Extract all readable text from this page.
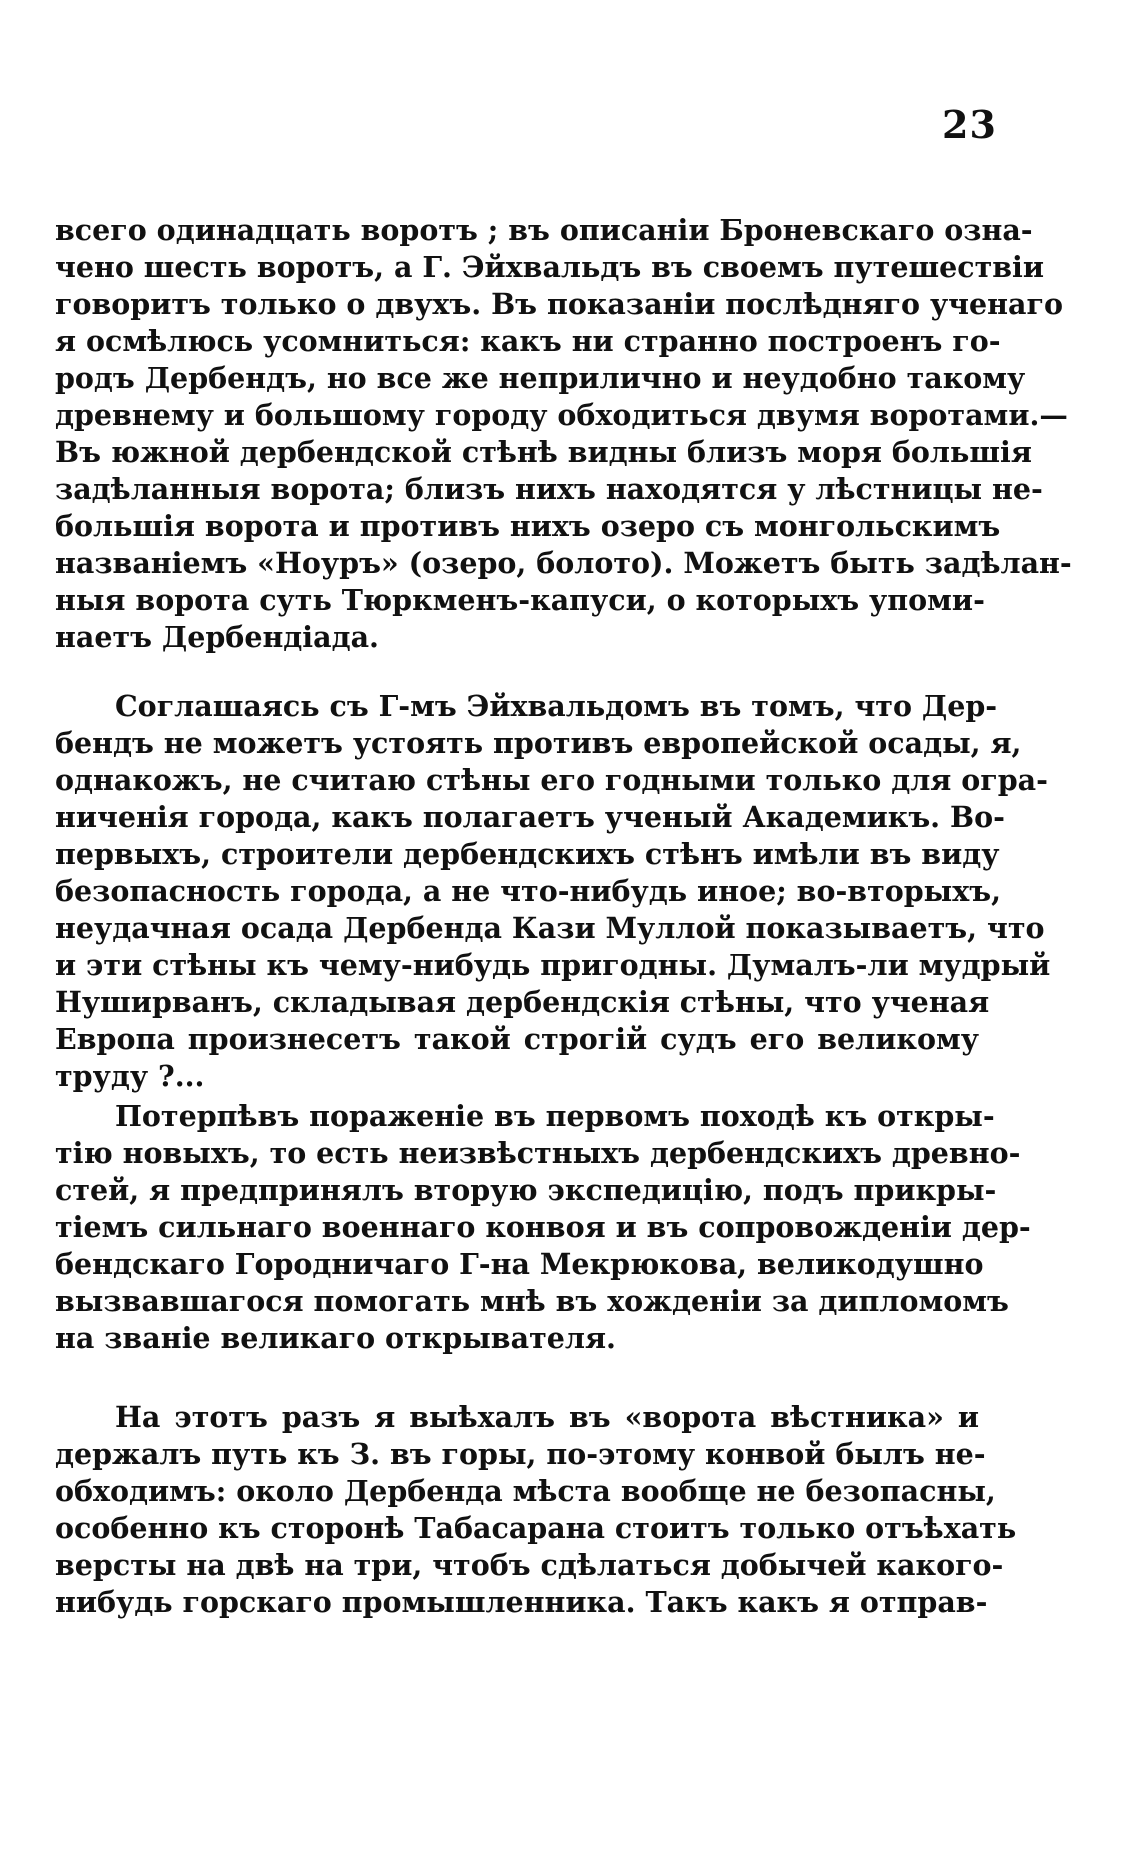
23
всего одинадцать воротъ ; въ описаніи Броневскаго озна-
чено шесть воротъ, а Г. Эйхвальдъ въ своемъ путешествіи
говоритъ только о двухъ. Въ показаніи послѣдняго ученаго
я осмѣлюсь усомниться: какъ ни странно построенъ го-
родъ Дербендъ, но все же неприлично и неудобно такому
древнему и большому городу обходиться двумя воротами.—
Въ южной дербендской стѣнѣ видны близъ моря большія
задѣланныя ворота; близъ нихъ находятся у лѣстницы не-
большія ворота и противъ нихъ озеро съ монгольскимъ
названіемъ «Ноуръ» (озеро, болото). Можетъ быть задѣлан-
ныя ворота суть Тюркменъ-капуси, о которыхъ упоми-
наетъ Дербендіада.
Соглашаясь съ Г-мъ Эйхвальдомъ въ томъ, что Дер-
бендъ не можетъ устоять противъ европейской осады, я,
однакожъ, не считаю стѣны его годными только для огра-
ниченія города, какъ полагаетъ ученый Академикъ. Во-
первыхъ, строители дербендскихъ стѣнъ имѣли въ виду
безопасность города, а не что-нибудь иное; во-вторыхъ,
неудачная осада Дербенда Кази Муллой показываетъ, что
и эти стѣны къ чему-нибудь пригодны. Думалъ-ли мудрый
Нуширванъ, складывая дербендскія стѣны, что ученая
Европа произнесетъ такой строгій судъ его великому
труду ?...
Потерпѣвъ пораженіе въ первомъ походѣ къ откры-
тію новыхъ, то есть неизвѣстныхъ дербендскихъ древно-
стей, я предпринялъ вторую экспедицію, подъ прикры-
тіемъ сильнаго военнаго конвоя и въ сопровожденіи дер-
бендскаго Городничаго Г-на Мекрюкова, великодушно
вызвавшагося помогать мнѣ въ хожденіи за дипломомъ
на званіе великаго открывателя.
На этотъ разъ я выѣхалъ въ «ворота вѣстника» и
держалъ путь къ З. въ горы, по-этому конвой былъ не-
обходимъ: около Дербенда мѣста вообще не безопасны,
особенно къ сторонѣ Табасарана стоитъ только отъѣхать
версты на двѣ на три, чтобъ сдѣлаться добычей какого-
нибудь горскаго промышленника. Такъ какъ я отправ-
